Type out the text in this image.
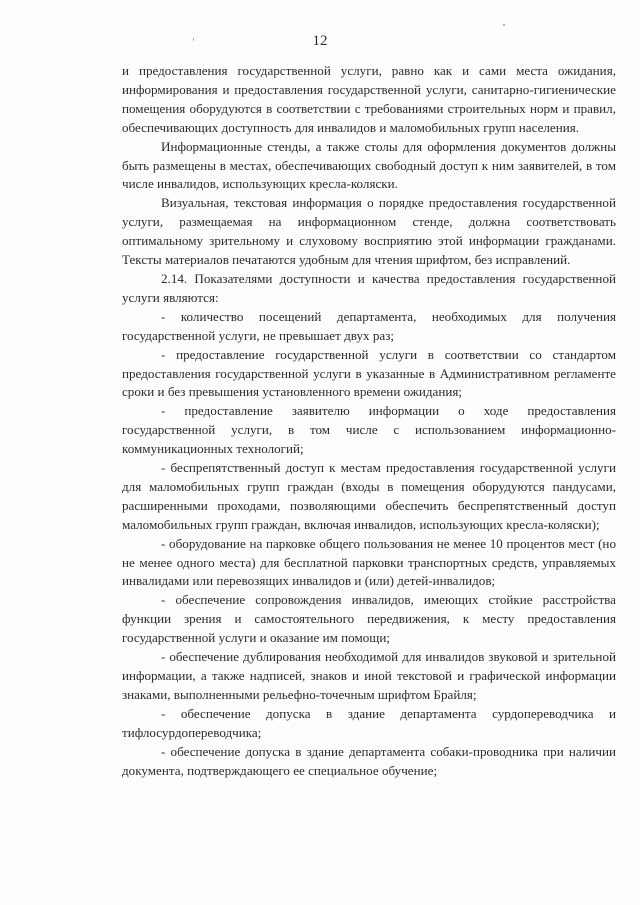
12

и предоставления государственной услуги, равно как и сами места ожидания, информирования и предоставления государственной услуги, санитарно-гигиенические помещения оборудуются в соответствии с требованиями строительных норм и правил, обеспечивающих доступность для инвалидов и маломобильных групп населения.

Информационные стенды, а также столы для оформления документов должны быть размещены в местах, обеспечивающих свободный доступ к ним заявителей, в том числе инвалидов, использующих кресла-коляски.

Визуальная, текстовая информация о порядке предоставления государственной услуги, размещаемая на информационном стенде, должна соответствовать оптимальному зрительному и слуховому восприятию этой информации гражданами. Тексты материалов печатаются удобным для чтения шрифтом, без исправлений.

2.14. Показателями доступности и качества предоставления государственной услуги являются:

- количество посещений департамента, необходимых для получения государственной услуги, не превышает двух раз;

- предоставление государственной услуги в соответствии со стандартом предоставления государственной услуги в указанные в Административном регламенте сроки и без превышения установленного времени ожидания;

- предоставление заявителю информации о ходе предоставления государственной услуги, в том числе с использованием информационно-коммуникационных технологий;

- беспрепятственный доступ к местам предоставления государственной услуги для маломобильных групп граждан (входы в помещения оборудуются пандусами, расширенными проходами, позволяющими обеспечить беспрепятственный доступ маломобильных групп граждан, включая инвалидов, использующих кресла-коляски);

- оборудование на парковке общего пользования не менее 10 процентов мест (но не менее одного места) для бесплатной парковки транспортных средств, управляемых инвалидами или перевозящих инвалидов и (или) детей-инвалидов;

- обеспечение сопровождения инвалидов, имеющих стойкие расстройства функции зрения и самостоятельного передвижения, к месту предоставления государственной услуги и оказание им помощи;

- обеспечение дублирования необходимой для инвалидов звуковой и зрительной информации, а также надписей, знаков и иной текстовой и графической информации знаками, выполненными рельефно-точечным шрифтом Брайля;

- обеспечение допуска в здание департамента сурдопереводчика и тифлосурдопереводчика;

- обеспечение допуска в здание департамента собаки-проводника при наличии документа, подтверждающего ее специальное обучение;
